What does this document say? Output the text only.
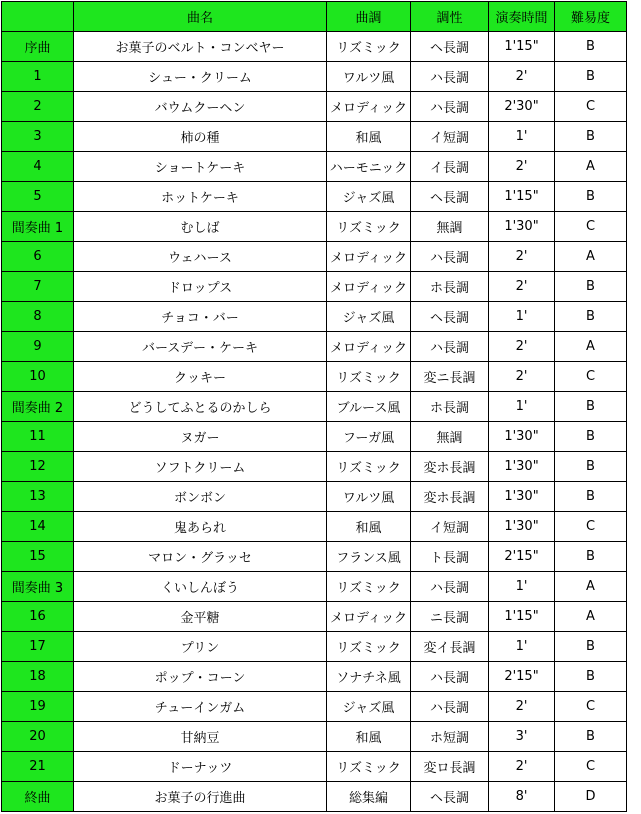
	曲名	曲調	調性	演奏時間	難易度
序曲	お菓子のベルト・コンベヤー	リズミック	ヘ長調	1'15"	B
1	シュー・クリーム	ワルツ風	ハ長調	2'	B
2	バウムクーヘン	メロディック	ハ長調	2'30"	C
3	柿の種	和風	イ短調	1'	B
4	ショートケーキ	ハーモニック	イ長調	2'	A
5	ホットケーキ	ジャズ風	ヘ長調	1'15"	B
間奏曲 1	むしば	リズミック	無調	1'30"	C
6	ウェハース	メロディック	ハ長調	2'	A
7	ドロップス	メロディック	ホ長調	2'	B
8	チョコ・バー	ジャズ風	ヘ長調	1'	B
9	バースデー・ケーキ	メロディック	ハ長調	2'	A
10	クッキー	リズミック	変ニ長調	2'	C
間奏曲 2	どうしてふとるのかしら	ブルース風	ホ長調	1'	B
11	ヌガー	フーガ風	無調	1'30"	B
12	ソフトクリーム	リズミック	変ホ長調	1'30"	B
13	ボンボン	ワルツ風	変ホ長調	1'30"	B
14	鬼あられ	和風	イ短調	1'30"	C
15	マロン・グラッセ	フランス風	ト長調	2'15"	B
間奏曲 3	くいしんぼう	リズミック	ハ長調	1'	A
16	金平糖	メロディック	ニ長調	1'15"	A
17	プリン	リズミック	変イ長調	1'	B
18	ポップ・コーン	ソナチネ風	ハ長調	2'15"	B
19	チューインガム	ジャズ風	ハ長調	2'	C
20	甘納豆	和風	ホ短調	3'	B
21	ドーナッツ	リズミック	変ロ長調	2'	C
終曲	お菓子の行進曲	総集編	ヘ長調	8'	D
